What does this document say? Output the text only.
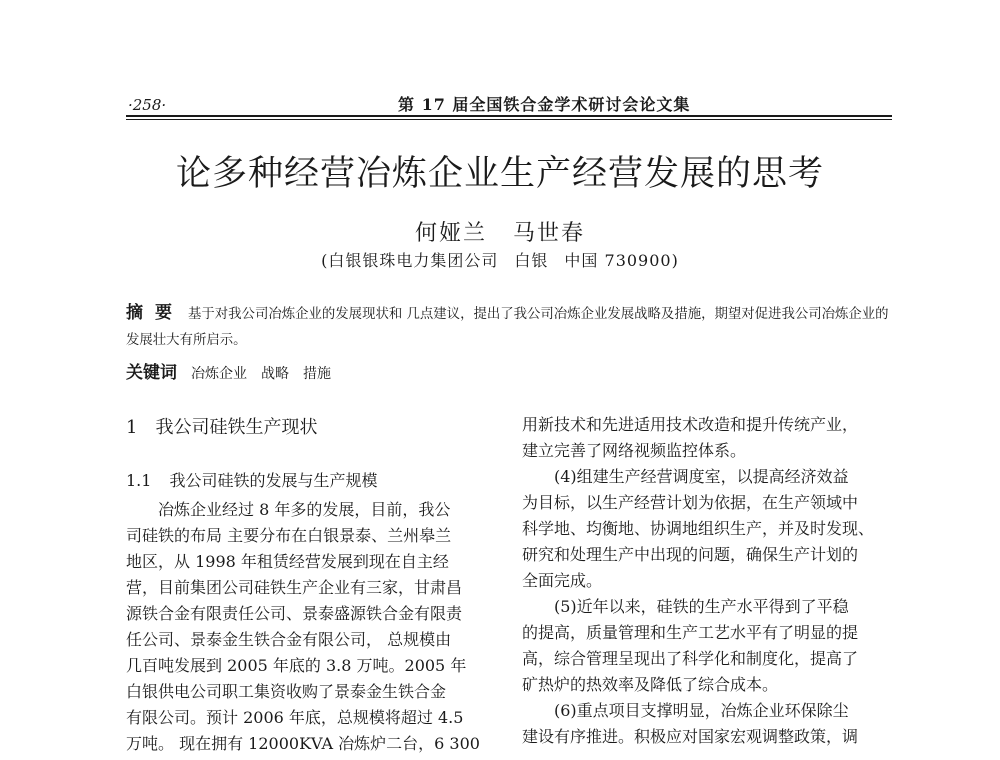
·258·	第 17 届全国铁合金学术研讨会论文集
论多种经营冶炼企业生产经营发展的思考
何娅兰 马世春
(白银银珠电力集团公司 白银 中国 730900)
摘要 基于对我公司冶炼企业的发展现状和 几点建议，提出了我公司冶炼企业发展战略及措施，期望对促进我公司冶炼企业的发展壮大有所启示。
关键词 冶炼企业 战略 措施
1 我公司硅铁生产现状
1.1 我公司硅铁的发展与生产规模
冶炼企业经过 8 年多的发展，目前，我公
司硅铁的布局 主要分布在白银景泰、兰州皋兰
地区，从 1998 年租赁经营发展到现在自主经
营，目前集团公司硅铁生产企业有三家，甘肃昌
源铁合金有限责任公司、景泰盛源铁合金有限责
任公司、景泰金生铁合金有限公司， 总规模由
几百吨发展到 2005 年底的 3.8 万吨。2005 年
白银供电公司职工集资收购了景泰金生铁合金
有限公司。预计 2006 年底，总规模将超过 4.5
万吨。 现在拥有 12000KVA 冶炼炉二台，6 300
用新技术和先进适用技术改造和提升传统产业，
建立完善了网络视频监控体系。
(4)组建生产经营调度室，以提高经济效益
为目标，以生产经营计划为依据，在生产领域中
科学地、均衡地、协调地组织生产，并及时发现、
研究和处理生产中出现的问题，确保生产计划的
全面完成。
(5)近年以来，硅铁的生产水平得到了平稳
的提高，质量管理和生产工艺水平有了明显的提
高，综合管理呈现出了科学化和制度化，提高了
矿热炉的热效率及降低了综合成本。
(6)重点项目支撑明显，冶炼企业环保除尘
建设有序推进。积极应对国家宏观调整政策，调
